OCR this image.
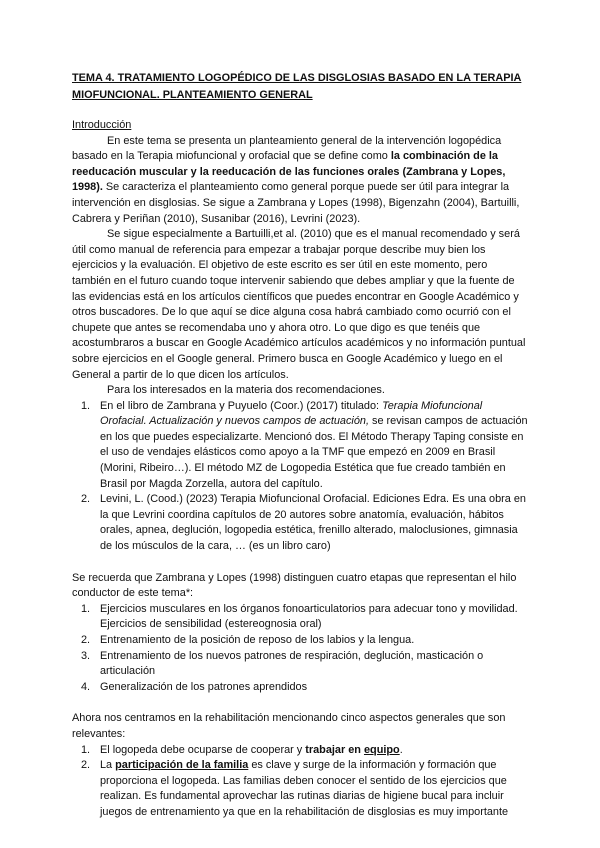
TEMA 4. TRATAMIENTO LOGOPÉDICO DE LAS DISGLOSIAS BASADO EN LA TERAPIA MIOFUNCIONAL. PLANTEAMIENTO GENERAL

Introducción

En este tema se presenta un planteamiento general de la intervención logopédica basado en la Terapia miofuncional y orofacial que se define como la combinación de la reeducación muscular y la reeducación de las funciones orales (Zambrana y Lopes, 1998). Se caracteriza el planteamiento como general porque puede ser útil para integrar la intervención en disglosias. Se sigue a Zambrana y Lopes (1998), Bigenzahn (2004), Bartuilli, Cabrera y Periñan (2010), Susanibar (2016), Levrini (2023).

Se sigue especialmente a Bartuilli,et al. (2010) que es el manual recomendado y será útil como manual de referencia para empezar a trabajar porque describe muy bien los ejercicios y la evaluación. El objetivo de este escrito es ser útil en este momento, pero también en el futuro cuando toque intervenir sabiendo que debes ampliar y que la fuente de las evidencias está en los artículos científicos que puedes encontrar en Google Académico y otros buscadores. De lo que aquí se dice alguna cosa habrá cambiado como ocurrió con el chupete que antes se recomendaba uno y ahora otro. Lo que digo es que tenéis que acostumbraros a buscar en Google Académico artículos académicos y no información puntual sobre ejercicios en el Google general. Primero busca en Google Académico y luego en el General a partir de lo que dicen los artículos.

Para los interesados en la materia dos recomendaciones.

1. En el libro de Zambrana y Puyuelo (Coor.) (2017) titulado: Terapia Miofuncional Orofacial. Actualización y nuevos campos de actuación, se revisan campos de actuación en los que puedes especializarte. Mencionó dos. El Método Therapy Taping consiste en el uso de vendajes elásticos como apoyo a la TMF que empezó en 2009 en Brasil (Morini, Ribeiro…). El método MZ de Logopedia Estética que fue creado también en Brasil por Magda Zorzella, autora del capítulo.
2. Levini, L. (Cood.) (2023) Terapia Miofuncional Orofacial. Ediciones Edra. Es una obra en la que Levrini coordina capítulos de 20 autores sobre anatomía, evaluación, hábitos orales, apnea, deglución, logopedia estética, frenillo alterado, maloclusiones, gimnasia de los músculos de la cara, … (es un libro caro)

Se recuerda que Zambrana y Lopes (1998) distinguen cuatro etapas que representan el hilo conductor de este tema*:

1. Ejercicios musculares en los órganos fonoarticulatorios para adecuar tono y movilidad. Ejercicios de sensibilidad (estereognosia oral)
2. Entrenamiento de la posición de reposo de los labios y la lengua.
3. Entrenamiento de los nuevos patrones de respiración, deglución, masticación o articulación
4. Generalización de los patrones aprendidos

Ahora nos centramos en la rehabilitación mencionando cinco aspectos generales que son relevantes:

1. El logopeda debe ocuparse de cooperar y trabajar en equipo.
2. La participación de la familia es clave y surge de la información y formación que proporciona el logopeda. Las familias deben conocer el sentido de los ejercicios que realizan. Es fundamental aprovechar las rutinas diarias de higiene bucal para incluir juegos de entrenamiento ya que en la rehabilitación de disglosias es muy importante
